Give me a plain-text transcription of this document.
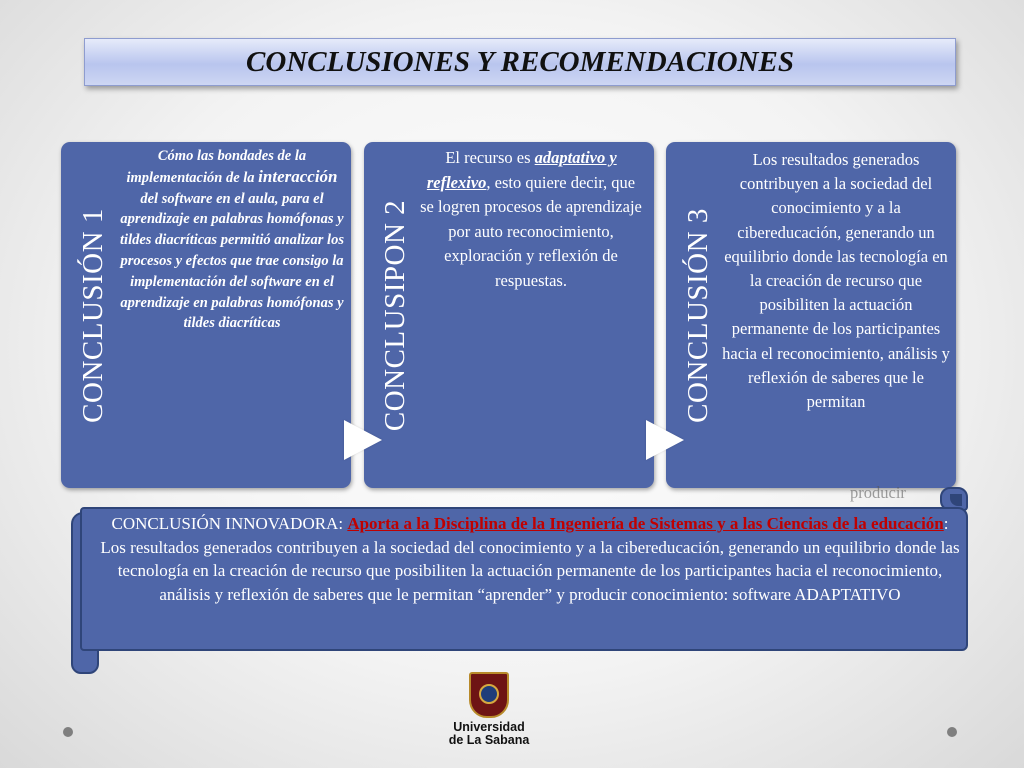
CONCLUSIONES Y RECOMENDACIONES
CONCLUSIÓN 1
Cómo las bondades de la implementación de la interacción del software en el aula, para el aprendizaje en palabras homófonas y tildes diacríticas permitió analizar los procesos y efectos que trae consigo la implementación del software en el aprendizaje en palabras homófonas y tildes diacríticas	CONCLUSIPON 2
El recurso es adaptativo y reflexivo, esto quiere decir, que se logren procesos de aprendizaje por auto reconocimiento, exploración y reflexión de respuestas.	CONCLUSIÓN 3
Los resultados generados contribuyen a la sociedad del conocimiento y a la cibereducación, generando un equilibrio donde las tecnología en la creación de recurso que posibiliten la actuación permanente de los participantes hacia el reconocimiento, análisis y reflexión de saberes que le permitan
producir
CONCLUSIÓN INNOVADORA: Aporta a la Disciplina de la Ingeniería de Sistemas y a las Ciencias de la educación: Los resultados generados contribuyen a la sociedad del conocimiento y a la cibereducación, generando un equilibrio donde las tecnología en la creación de recurso que posibiliten la actuación permanente de los participantes hacia el reconocimiento, análisis y reflexión de saberes que le permitan “aprender” y producir conocimiento: software ADAPTATIVO
Universidad
de La Sabana
